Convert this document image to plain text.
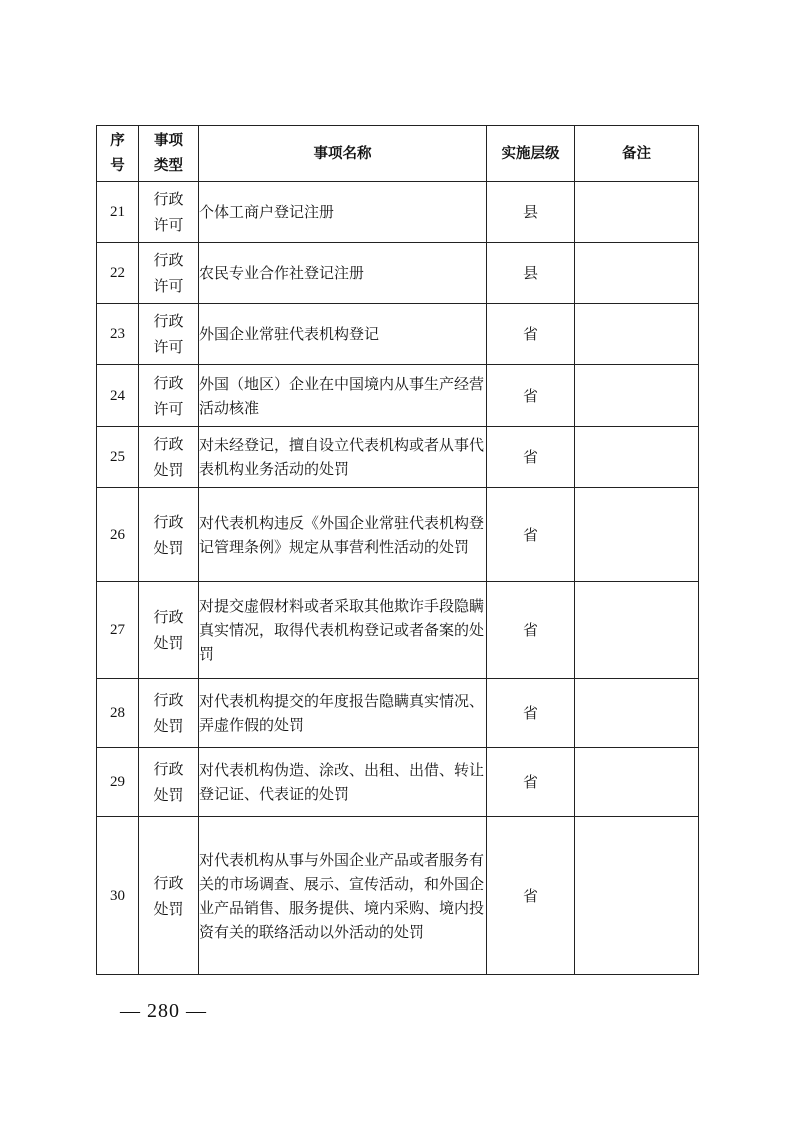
序号	事项类型	事项名称	实施层级	备注
21	行政许可	个体工商户登记注册	县	
22	行政许可	农民专业合作社登记注册	县	
23	行政许可	外国企业常驻代表机构登记	省	
24	行政许可	外国（地区）企业在中国境内从事生产经营活动核准	省	
25	行政处罚	对未经登记，擅自设立代表机构或者从事代表机构业务活动的处罚	省	
26	行政处罚	对代表机构违反《外国企业常驻代表机构登记管理条例》规定从事营利性活动的处罚	省	
27	行政处罚	对提交虚假材料或者采取其他欺诈手段隐瞒真实情况，取得代表机构登记或者备案的处罚	省	
28	行政处罚	对代表机构提交的年度报告隐瞒真实情况、弄虚作假的处罚	省	
29	行政处罚	对代表机构伪造、涂改、出租、出借、转让登记证、代表证的处罚	省	
30	行政处罚	对代表机构从事与外国企业产品或者服务有关的市场调查、展示、宣传活动，和外国企业产品销售、服务提供、境内采购、境内投资有关的联络活动以外活动的处罚	省	
— 280 —
